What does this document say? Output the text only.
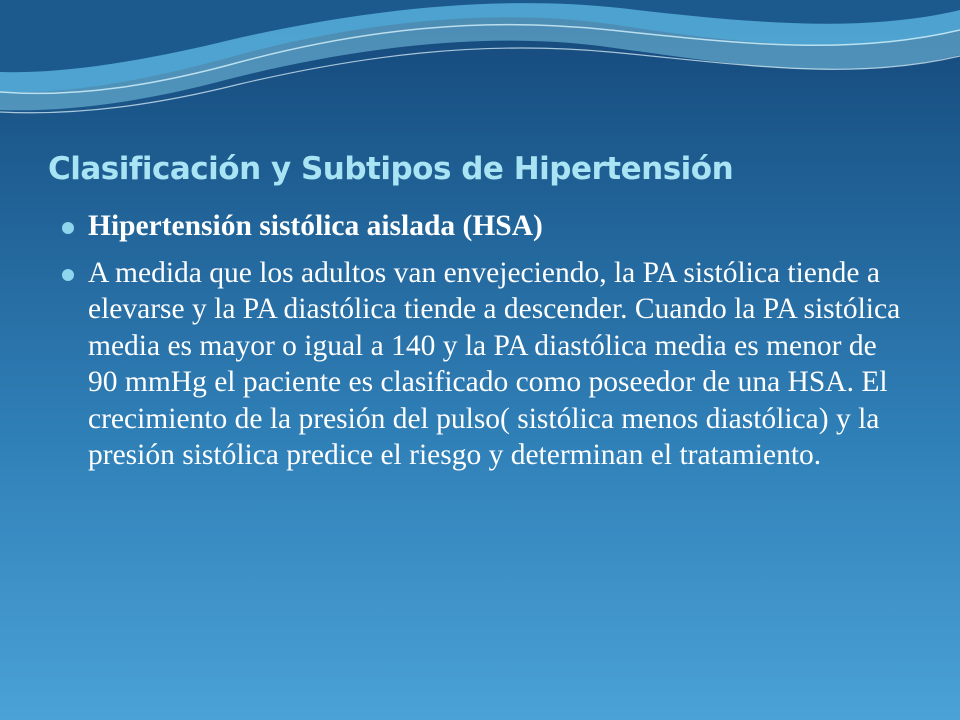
Clasificación y Subtipos de Hipertensión
Hipertensión sistólica aislada (HSA)
A medida que los adultos van envejeciendo, la PA sistólica tiende a elevarse y la PA diastólica tiende a descender. Cuando la PA sistólica media es mayor o igual a 140 y la PA diastólica media es menor de 90 mmHg el paciente es clasificado como poseedor de una HSA. El crecimiento de la presión del pulso( sistólica menos diastólica) y la presión sistólica predice el riesgo y determinan el tratamiento.
